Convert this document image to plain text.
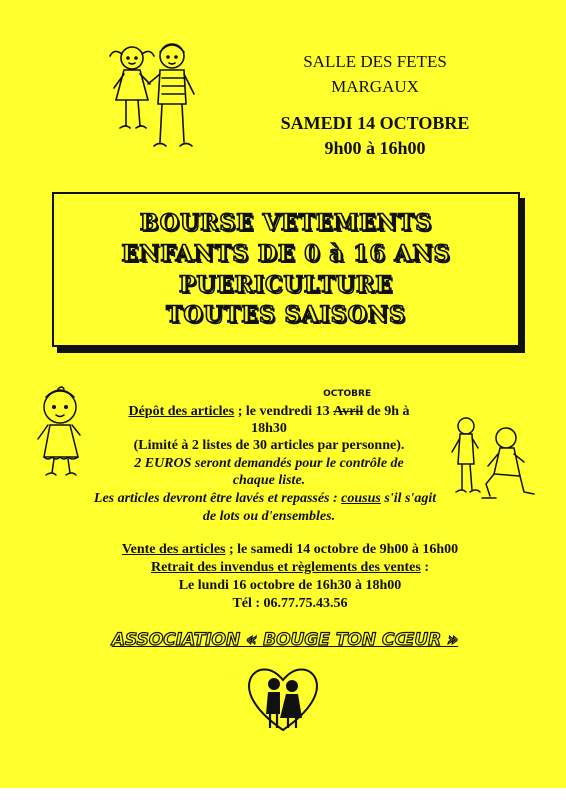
SALLE DES FETES
MARGAUX
SAMEDI 14 OCTOBRE
9h00 à 16h00
BOURSE VETEMENTS
ENFANTS DE 0 à 16 ANS
PUERICULTURE
TOUTES SAISONS
Dépôt des articles ; le vendredi 13 Avril
OCTOBRE
de 9h à
18h30
(Limité à 2 listes de 30 articles par personne).
2 EUROS seront demandés pour le contrôle de
chaque liste.
Les articles devront être lavés et repassés : cousus s'il s'agit
de lots ou d'ensembles.
Vente des articles ; le samedi 14 octobre de 9h00 à 16h00
Retrait des invendus et règlements des ventes :
Le lundi 16 octobre de 16h30 à 18h00
Tél : 06.77.75.43.56
ASSOCIATION « BOUGE TON CŒUR »
